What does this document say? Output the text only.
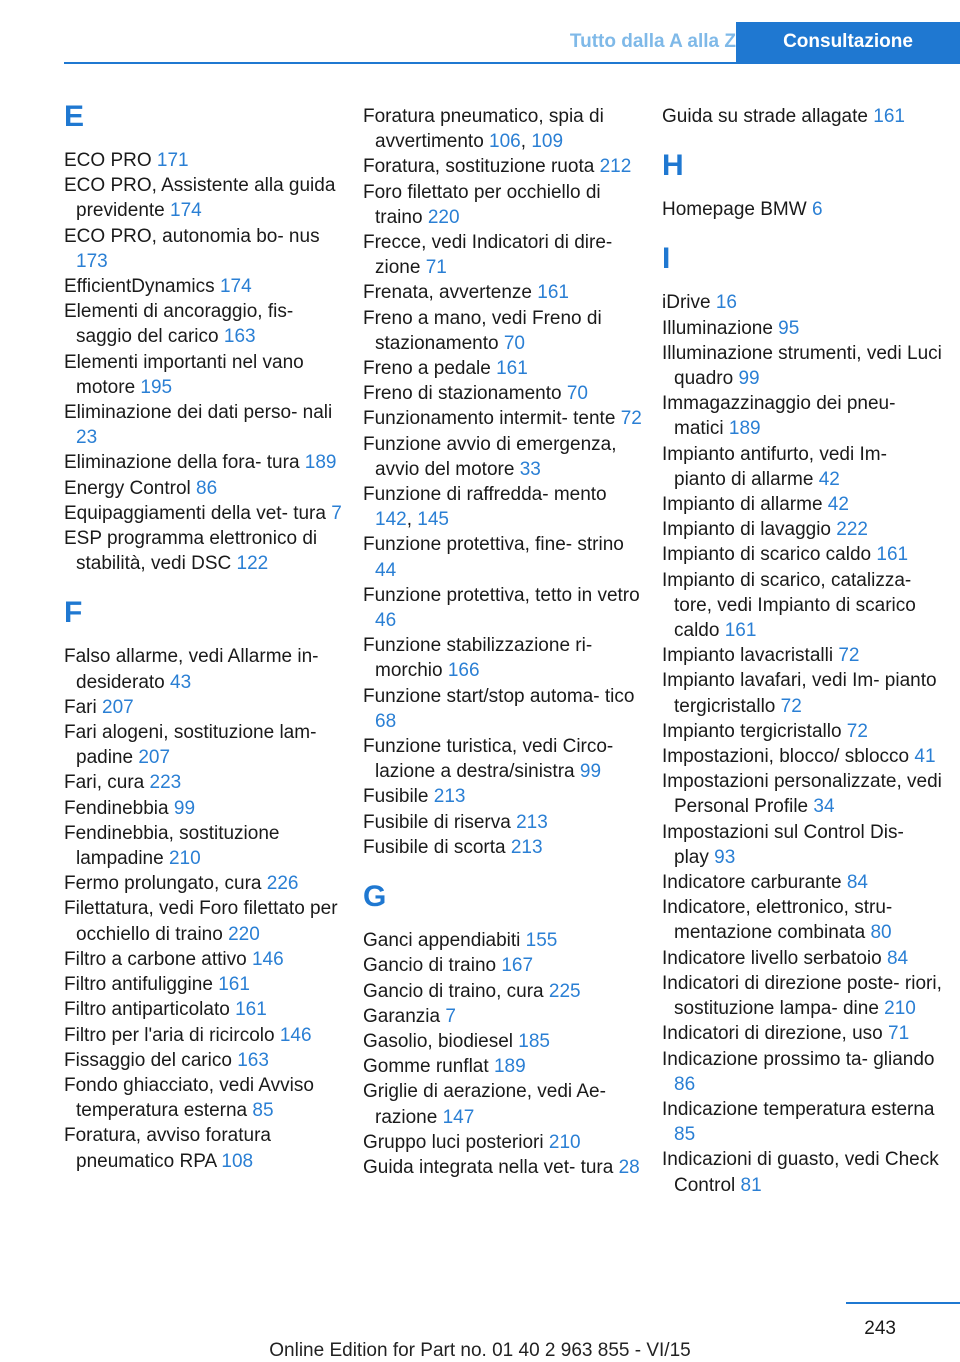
Tutto dalla A alla Z	Consultazione
E
ECO PRO 171
ECO PRO, Assistente alla guida previdente 174
ECO PRO, autonomia bo- nus 173
EfficientDynamics 174
Elementi di ancoraggio, fis- saggio del carico 163
Elementi importanti nel vano motore 195
Eliminazione dei dati perso- nali 23
Eliminazione della fora- tura 189
Energy Control 86
Equipaggiamenti della vet- tura 7
ESP programma elettronico di stabilità, vedi DSC 122
F
Falso allarme, vedi Allarme in- desiderato 43
Fari 207
Fari alogeni, sostituzione lam- padine 207
Fari, cura 223
Fendinebbia 99
Fendinebbia, sostituzione lampadine 210
Fermo prolungato, cura 226
Filettatura, vedi Foro filettato per occhiello di traino 220
Filtro a carbone attivo 146
Filtro antifuliggine 161
Filtro antiparticolato 161
Filtro per l'aria di ricircolo 146
Fissaggio del carico 163
Fondo ghiacciato, vedi Avviso temperatura esterna 85
Foratura, avviso foratura pneumatico RPA 108
Foratura pneumatico, spia di avvertimento 106, 109
Foratura, sostituzione ruota 212
Foro filettato per occhiello di traino 220
Frecce, vedi Indicatori di dire- zione 71
Frenata, avvertenze 161
Freno a mano, vedi Freno di stazionamento 70
Freno a pedale 161
Freno di stazionamento 70
Funzionamento intermit- tente 72
Funzione avvio di emergenza, avvio del motore 33
Funzione di raffredda- mento 142, 145
Funzione protettiva, fine- strino 44
Funzione protettiva, tetto in vetro 46
Funzione stabilizzazione ri- morchio 166
Funzione start/stop automa- tico 68
Funzione turistica, vedi Circo- lazione a destra/sinistra 99
Fusibile 213
Fusibile di riserva 213
Fusibile di scorta 213
G
Ganci appendiabiti 155
Gancio di traino 167
Gancio di traino, cura 225
Garanzia 7
Gasolio, biodiesel 185
Gomme runflat 189
Griglie di aerazione, vedi Ae- razione 147
Gruppo luci posteriori 210
Guida integrata nella vet- tura 28
Guida su strade allagate 161
H
Homepage BMW 6
I
iDrive 16
Illuminazione 95
Illuminazione strumenti, vedi Luci quadro 99
Immagazzinaggio dei pneu- matici 189
Impianto antifurto, vedi Im- pianto di allarme 42
Impianto di allarme 42
Impianto di lavaggio 222
Impianto di scarico caldo 161
Impianto di scarico, catalizza- tore, vedi Impianto di scarico caldo 161
Impianto lavacristalli 72
Impianto lavafari, vedi Im- pianto tergicristallo 72
Impianto tergicristallo 72
Impostazioni, blocco/ sblocco 41
Impostazioni personalizzate, vedi Personal Profile 34
Impostazioni sul Control Dis- play 93
Indicatore carburante 84
Indicatore, elettronico, stru- mentazione combinata 80
Indicatore livello serbatoio 84
Indicatori di direzione poste- riori, sostituzione lampa- dine 210
Indicatori di direzione, uso 71
Indicazione prossimo ta- gliando 86
Indicazione temperatura esterna 85
Indicazioni di guasto, vedi Check Control 81
243
Online Edition for Part no. 01 40 2 963 855 - VI/15
